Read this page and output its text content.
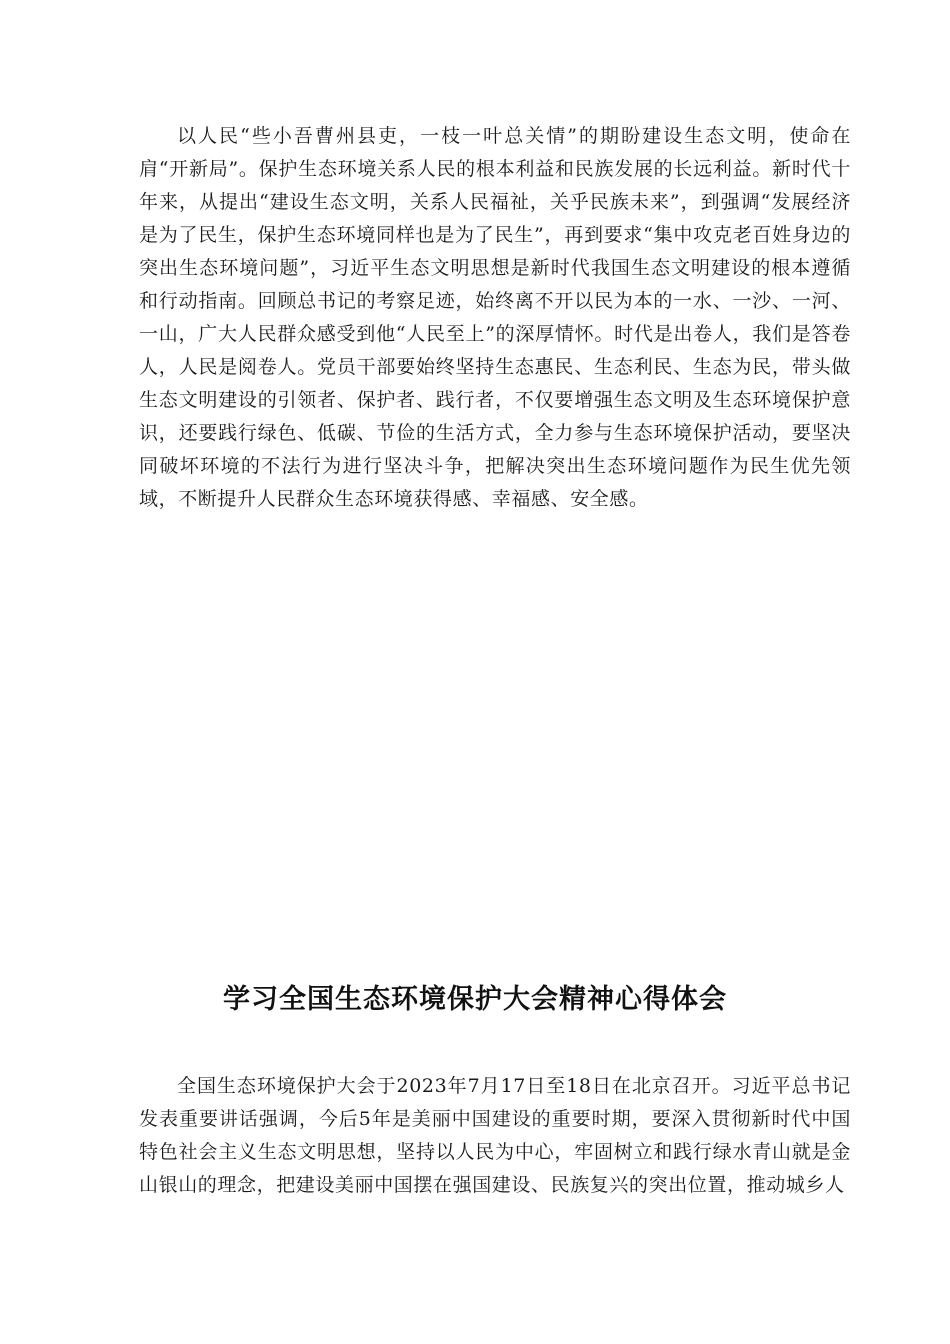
以人民“些小吾曹州县吏，一枝一叶总关情”的期盼建设生态文明，使命在肩“开新局”。保护生态环境关系人民的根本利益和民族发展的长远利益。新时代十年来，从提出“建设生态文明，关系人民福祉，关乎民族未来”，到强调“发展经济是为了民生，保护生态环境同样也是为了民生”，再到要求“集中攻克老百姓身边的突出生态环境问题”，习近平生态文明思想是新时代我国生态文明建设的根本遵循和行动指南。回顾总书记的考察足迹，始终离不开以民为本的一水、一沙、一河、一山，广大人民群众感受到他“人民至上”的深厚情怀。时代是出卷人，我们是答卷人，人民是阅卷人。党员干部要始终坚持生态惠民、生态利民、生态为民，带头做生态文明建设的引领者、保护者、践行者，不仅要增强生态文明及生态环境保护意识，还要践行绿色、低碳、节俭的生活方式，全力参与生态环境保护活动，要坚决同破坏环境的不法行为进行坚决斗争，把解决突出生态环境问题作为民生优先领域，不断提升人民群众生态环境获得感、幸福感、安全感。

学习全国生态环境保护大会精神心得体会

全国生态环境保护大会于2023年7月17日至18日在北京召开。习近平总书记发表重要讲话强调，今后5年是美丽中国建设的重要时期，要深入贯彻新时代中国特色社会主义生态文明思想，坚持以人民为中心，牢固树立和践行绿水青山就是金山银山的理念，把建设美丽中国摆在强国建设、民族复兴的突出位置，推动城乡人
